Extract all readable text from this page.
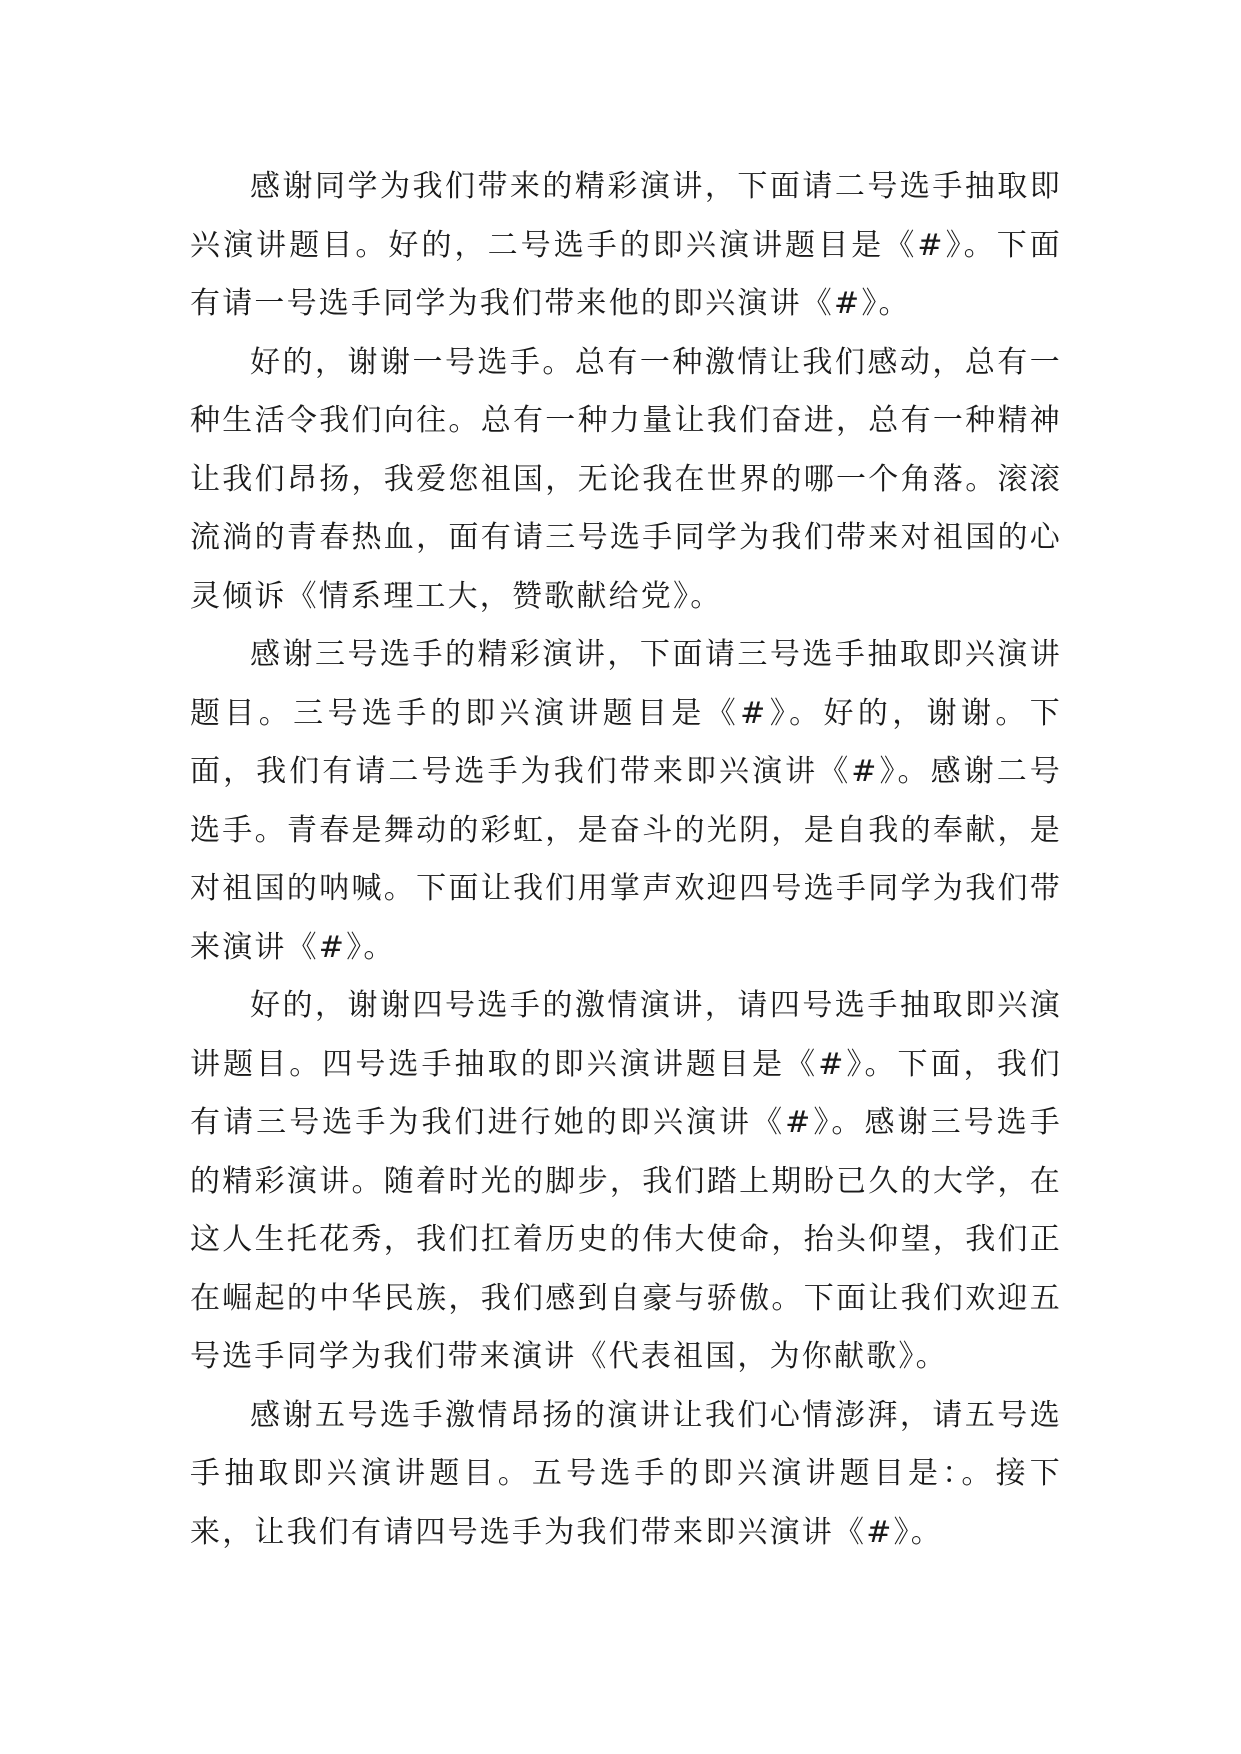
感谢同学为我们带来的精彩演讲，下面请二号选手抽取即兴演讲题目。好的，二号选手的即兴演讲题目是《#》。下面有请一号选手同学为我们带来他的即兴演讲《#》。

好的，谢谢一号选手。总有一种激情让我们感动，总有一种生活令我们向往。总有一种力量让我们奋进，总有一种精神让我们昂扬，我爱您祖国，无论我在世界的哪一个角落。滚滚流淌的青春热血，面有请三号选手同学为我们带来对祖国的心灵倾诉《情系理工大，赞歌献给党》。

感谢三号选手的精彩演讲，下面请三号选手抽取即兴演讲题目。三号选手的即兴演讲题目是《#》。好的，谢谢。下面，我们有请二号选手为我们带来即兴演讲《#》。感谢二号选手。青春是舞动的彩虹，是奋斗的光阴，是自我的奉献，是对祖国的呐喊。下面让我们用掌声欢迎四号选手同学为我们带来演讲《#》。

好的，谢谢四号选手的激情演讲，请四号选手抽取即兴演讲题目。四号选手抽取的即兴演讲题目是《#》。下面，我们有请三号选手为我们进行她的即兴演讲《#》。感谢三号选手的精彩演讲。随着时光的脚步，我们踏上期盼已久的大学，在这人生托花秀，我们扛着历史的伟大使命，抬头仰望，我们正在崛起的中华民族，我们感到自豪与骄傲。下面让我们欢迎五号选手同学为我们带来演讲《代表祖国，为你献歌》。

感谢五号选手激情昂扬的演讲让我们心情澎湃，请五号选手抽取即兴演讲题目。五号选手的即兴演讲题目是：。接下来，让我们有请四号选手为我们带来即兴演讲《#》。
